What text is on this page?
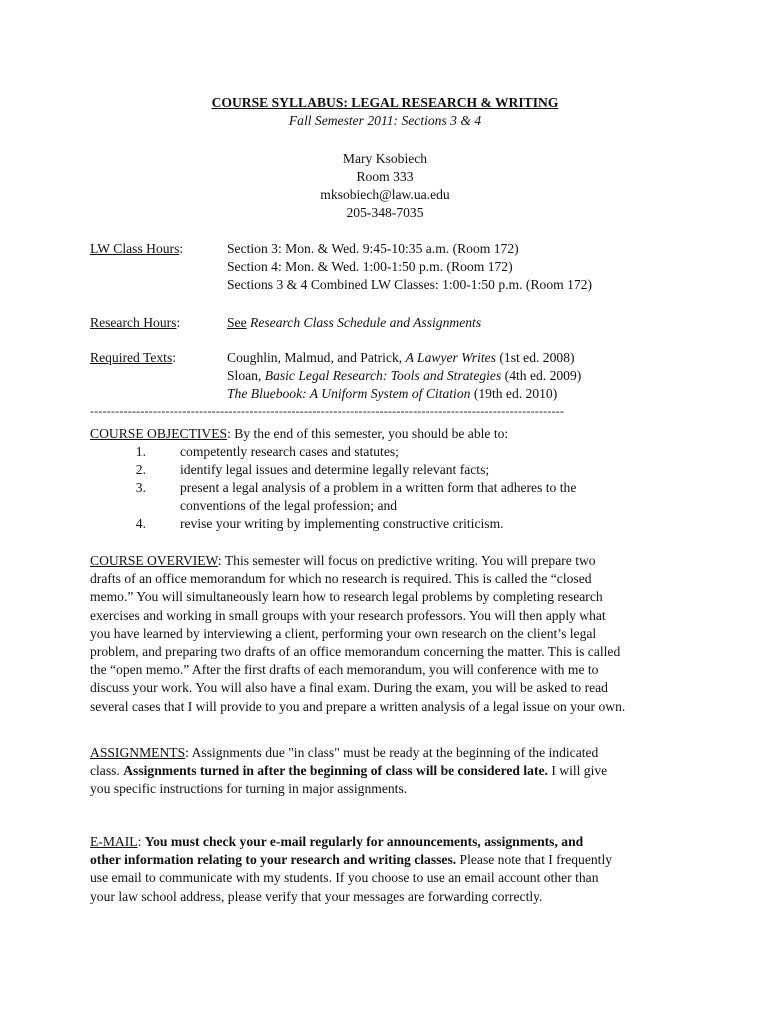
COURSE SYLLABUS: LEGAL RESEARCH & WRITING
Fall Semester 2011: Sections 3 & 4
Mary Ksobiech
Room 333
mksobiech@law.ua.edu
205-348-7035
LW Class Hours:	Section 3: Mon. & Wed. 9:45-10:35 a.m. (Room 172)
Section 4: Mon. & Wed. 1:00-1:50 p.m. (Room 172)
Sections 3 & 4 Combined LW Classes: 1:00-1:50 p.m. (Room 172)
Research Hours:	See Research Class Schedule and Assignments
Required Texts:	Coughlin, Malmud, and Patrick, A Lawyer Writes (1st ed. 2008)
Sloan, Basic Legal Research: Tools and Strategies (4th ed. 2009)
The Bluebook: A Uniform System of Citation (19th ed. 2010)
-----------------------------------------------------------------------------------------------------------------
COURSE OBJECTIVES: By the end of this semester, you should be able to:
1.	competently research cases and statutes;
2.	identify legal issues and determine legally relevant facts;
3.	present a legal analysis of a problem in a written form that adheres to the
conventions of the legal profession; and
4.	revise your writing by implementing constructive criticism.
COURSE OVERVIEW: This semester will focus on predictive writing. You will prepare two
drafts of an office memorandum for which no research is required. This is called the “closed
memo.” You will simultaneously learn how to research legal problems by completing research
exercises and working in small groups with your research professors. You will then apply what
you have learned by interviewing a client, performing your own research on the client’s legal
problem, and preparing two drafts of an office memorandum concerning the matter. This is called
the “open memo.” After the first drafts of each memorandum, you will conference with me to
discuss your work. You will also have a final exam. During the exam, you will be asked to read
several cases that I will provide to you and prepare a written analysis of a legal issue on your own.
ASSIGNMENTS: Assignments due "in class" must be ready at the beginning of the indicated
class. Assignments turned in after the beginning of class will be considered late. I will give
you specific instructions for turning in major assignments.
E-MAIL: You must check your e-mail regularly for announcements, assignments, and
other information relating to your research and writing classes. Please note that I frequently
use email to communicate with my students. If you choose to use an email account other than
your law school address, please verify that your messages are forwarding correctly.
